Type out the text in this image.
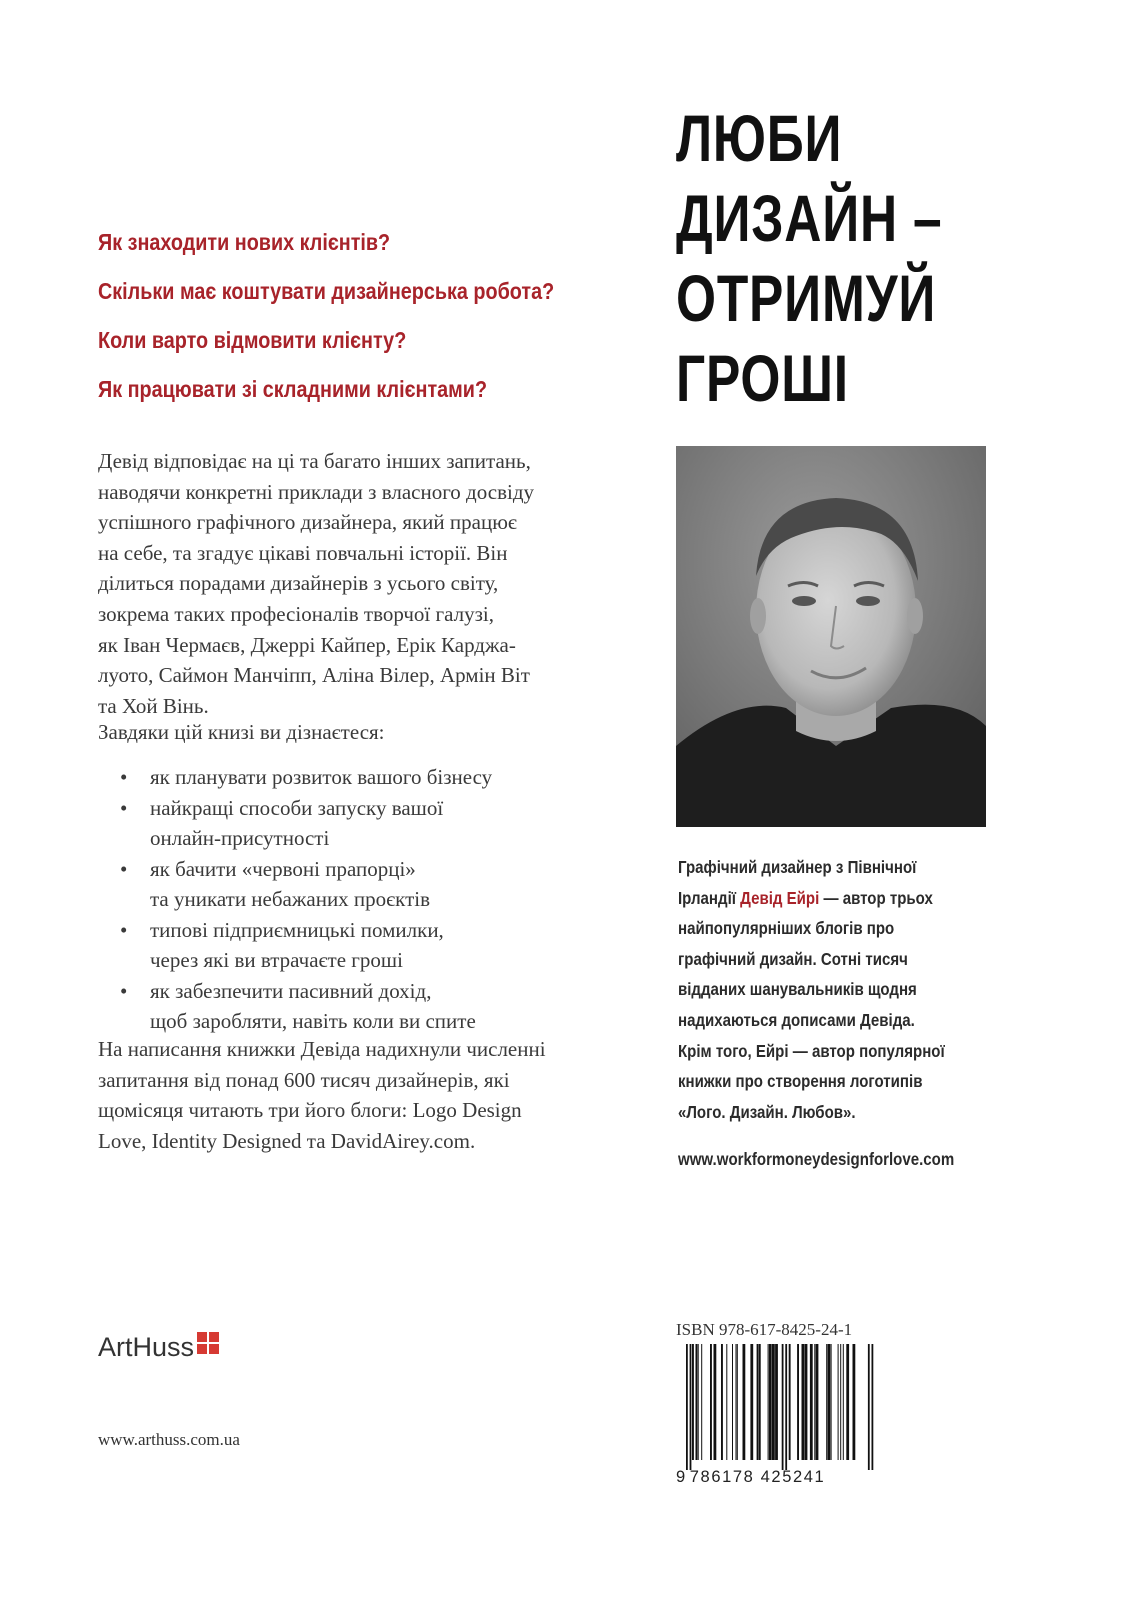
ЛЮБИ
ДИЗАЙН –
ОТРИМУЙ
ГРОШІ
Як знаходити нових клієнтів?
Скільки має коштувати дизайнерська робота?
Коли варто відмовити клієнту?
Як працювати зі складними клієнтами?
Девід відповідає на ці та багато інших запитань,
наводячи конкретні приклади з власного досвіду
успішного графічного дизайнера, який працює
на себе, та згадує цікаві повчальні історії. Він
ділиться порадами дизайнерів з усього світу,
зокрема таких професіоналів творчої галузі,
як Іван Чермаєв, Джеррі Кайпер, Ерік Карджа-
луото, Саймон Манчіпп, Аліна Вілер, Армін Віт
та Хой Вінь.
Завдяки цій книзі ви дізнаєтеся:
• як планувати розвиток вашого бізнесу
• найкращі способи запуску вашої
онлайн-присутності
• як бачити «червоні прапорці»
та уникати небажаних проєктів
• типові підприємницькі помилки,
через які ви втрачаєте гроші
• як забезпечити пасивний дохід,
щоб заробляти, навіть коли ви спите
На написання книжки Девіда надихнули численні
запитання від понад 600 тисяч дизайнерів, які
щомісяця читають три його блоги: Logo Design
Love, Identity Designed та DavidAirey.com.
Графічний дизайнер з Північної
Ірландії Девід Ейрі — автор трьох
найпопулярніших блогів про
графічний дизайн. Сотні тисяч
відданих шанувальників щодня
надихаються дописами Девіда.
Крім того, Ейрі — автор популярної
книжки про створення логотипів
«Лого. Дизайн. Любов».
www.workformoneydesignforlove.com
ArtHuss
www.arthuss.com.ua
ISBN 978-617-8425-24-1
9 786178 425241
